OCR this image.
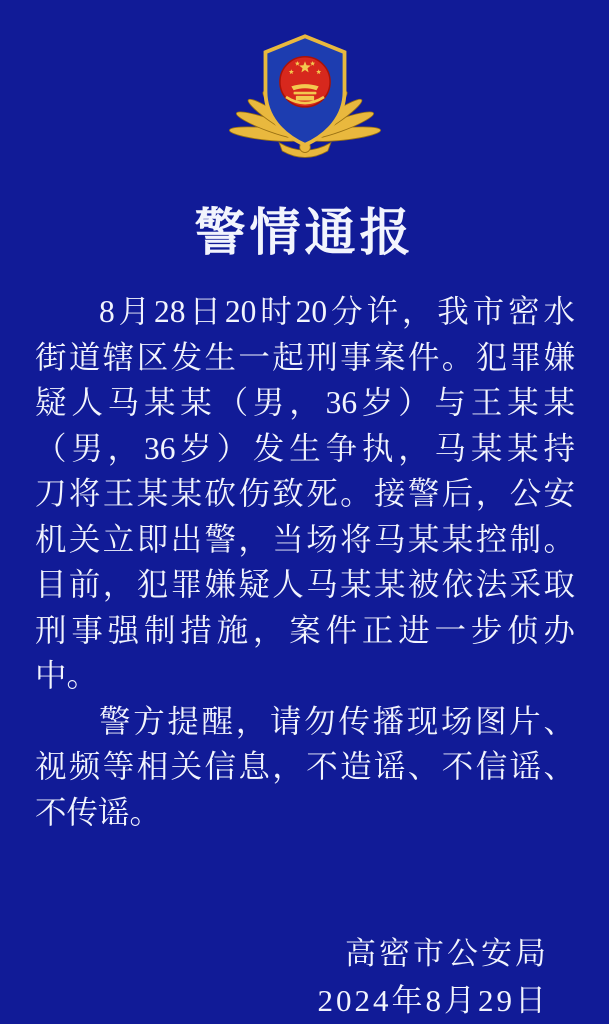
警情通报
8月28日20时20分许，我市密水
街道辖区发生一起刑事案件。犯罪嫌
疑人马某某（男，36岁）与王某某
（男，36岁）发生争执，马某某持
刀将王某某砍伤致死。接警后，公安
机关立即出警，当场将马某某控制。
目前，犯罪嫌疑人马某某被依法采取
刑事强制措施，案件正进一步侦办
中。
警方提醒，请勿传播现场图片、
视频等相关信息，不造谣、不信谣、
不传谣。
高密市公安局
2024年8月29日
